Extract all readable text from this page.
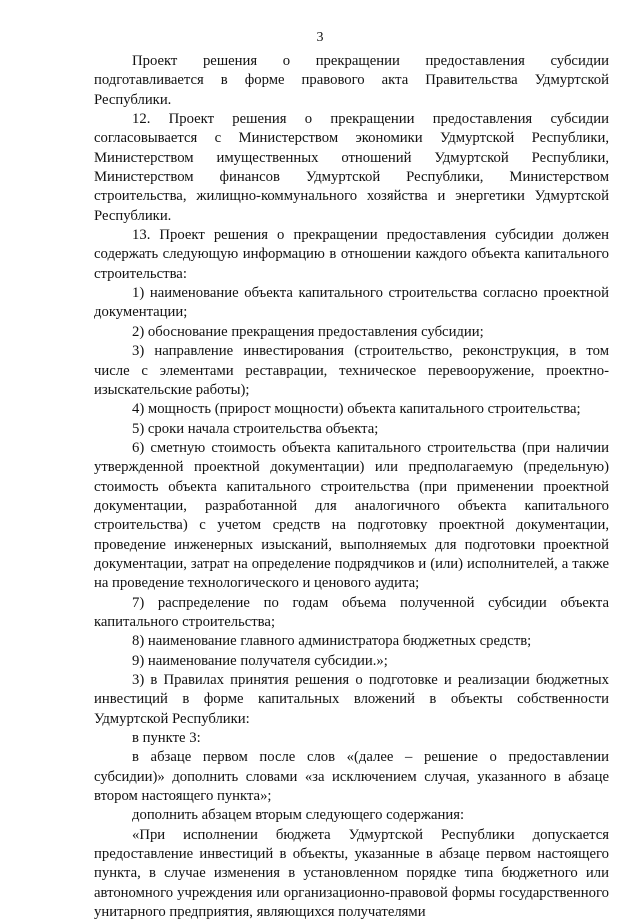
3

Проект решения о прекращении предоставления субсидии подготавливается в форме правового акта Правительства Удмуртской Республики.

12. Проект решения о прекращении предоставления субсидии согласовывается с Министерством экономики Удмуртской Республики, Министерством имущественных отношений Удмуртской Республики, Министерством финансов Удмуртской Республики, Министерством строительства, жилищно-коммунального хозяйства и энергетики Удмуртской Республики.

13. Проект решения о прекращении предоставления субсидии должен содержать следующую информацию в отношении каждого объекта капитального строительства:

1) наименование объекта капитального строительства согласно проектной документации;

2) обоснование прекращения предоставления субсидии;

3) направление инвестирования (строительство, реконструкция, в том числе с элементами реставрации, техническое перевооружение, проектно-изыскательские работы);

4) мощность (прирост мощности) объекта капитального строительства;

5) сроки начала строительства объекта;

6) сметную стоимость объекта капитального строительства (при наличии утвержденной проектной документации) или предполагаемую (предельную) стоимость объекта капитального строительства (при применении проектной документации, разработанной для аналогичного объекта капитального строительства) с учетом средств на подготовку проектной документации, проведение инженерных изысканий, выполняемых для подготовки проектной документации, затрат на определение подрядчиков и (или) исполнителей, а также на проведение технологического и ценового аудита;

7) распределение по годам объема полученной субсидии объекта капитального строительства;

8) наименование главного администратора бюджетных средств;

9) наименование получателя субсидии.»;

3) в Правилах принятия решения о подготовке и реализации бюджетных инвестиций в форме капитальных вложений в объекты собственности Удмуртской Республики:

в пункте 3:

в абзаце первом после слов «(далее – решение о предоставлении субсидии)» дополнить словами «за исключением случая, указанного в абзаце втором настоящего пункта»;

дополнить абзацем вторым следующего содержания:

«При исполнении бюджета Удмуртской Республики допускается предоставление инвестиций в объекты, указанные в абзаце первом настоящего пункта, в случае изменения в установленном порядке типа бюджетного или автономного учреждения или организационно-правовой формы государственного унитарного предприятия, являющихся получателями
